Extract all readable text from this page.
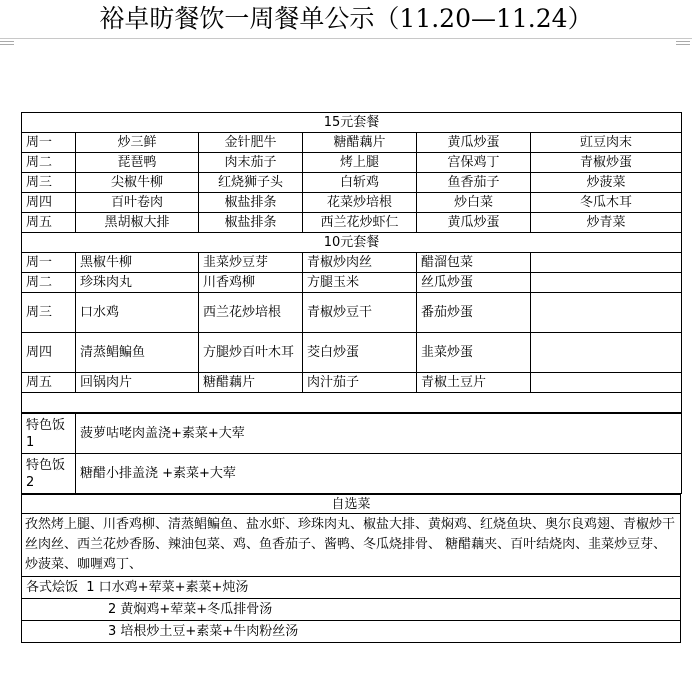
裕卓昉餐饮一周餐单公示（11.20—11.24）
15元套餐					
周一	炒三鲜	金针肥牛	糖醋藕片	黄瓜炒蛋	豇豆肉末
周二	琵琶鸭	肉末茄子	烤上腿	宫保鸡丁	青椒炒蛋
周三	尖椒牛柳	红烧狮子头	白斩鸡	鱼香茄子	炒菠菜
周四	百叶卷肉	椒盐排条	花菜炒培根	炒白菜	冬瓜木耳
周五	黑胡椒大排	椒盐排条	西兰花炒虾仁	黄瓜炒蛋	炒青菜
10元套餐					
周一	黑椒牛柳	韭菜炒豆芽	青椒炒肉丝	醋溜包菜	
周二	珍珠肉丸	川香鸡柳	方腿玉米	丝瓜炒蛋	
周三	口水鸡	西兰花炒培根	青椒炒豆干	番茄炒蛋	
周四	清蒸鲳鳊鱼	方腿炒百叶木耳	茭白炒蛋	韭菜炒蛋	
周五	回锅肉片	糖醋藕片	肉汁茄子	青椒土豆片	

特色饭 1	菠萝咕咾肉盖浇+素菜+大荤
特色饭 2	糖醋小排盖浇 +素菜+大荤
自选菜
孜然烤上腿、川香鸡柳、清蒸鲳鳊鱼、盐水虾、珍珠肉丸、椒盐大排、黄焖鸡、红烧鱼块、奥尔良鸡翅、青椒炒干丝肉丝、西兰花炒香肠、辣油包菜、鸡、鱼香茄子、酱鸭、冬瓜烧排骨、 糖醋藕夹、百叶结烧肉、韭菜炒豆芽、炒菠菜、咖喱鸡丁、
各式烩饭 1 口水鸡+荤菜+素菜+炖汤
2 黄焖鸡+荤菜+冬瓜排骨汤
3 培根炒土豆+素菜+牛肉粉丝汤
